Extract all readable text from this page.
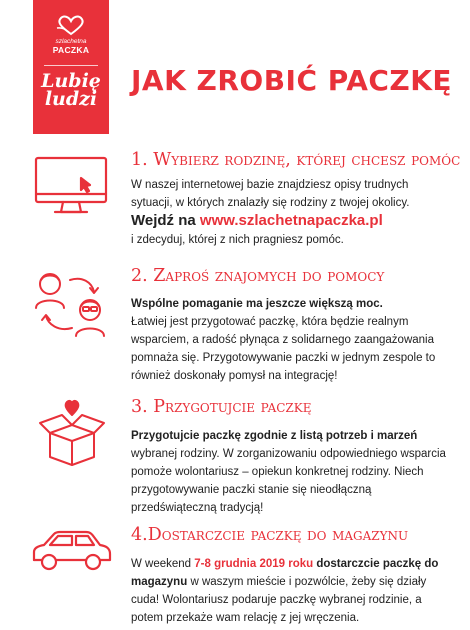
szlachetna
PACZKA
Lubię
ludzi
JAK ZROBIĆ PACZKĘ
1. Wybierz rodzinę, której chcesz pomóc
W naszej internetowej bazie znajdziesz opisy trudnych sytuacji, w których znalazły się rodziny z twojej okolicy.
Wejdź na www.szlachetnapaczka.pl
i zdecyduj, której z nich pragniesz pomóc.
2. Zaproś znajomych do pomocy
Wspólne pomaganie ma jeszcze większą moc.
Łatwiej jest przygotować paczkę, która będzie realnym wsparciem, a radość płynąca z solidarnego zaangażowania pomnaża się. Przygotowywanie paczki w jednym zespole to również doskonały pomysł na integrację!
3. Przygotujcie paczkę
Przygotujcie paczkę zgodnie z listą potrzeb i marzeń
wybranej rodziny. W zorganizowaniu odpowiedniego wsparcia pomoże wolontariusz – opiekun konkretnej rodziny. Niech przygotowywanie paczki stanie się nieodłączną przedświąteczną tradycją!
4.Dostarczcie paczkę do magazynu
W weekend 7-8 grudnia 2019 roku dostarczcie paczkę do magazynu w waszym mieście i pozwólcie, żeby się działy cuda! Wolontariusz podaruje paczkę wybranej rodzinie, a potem przekaże wam relację z jej wręczenia.
